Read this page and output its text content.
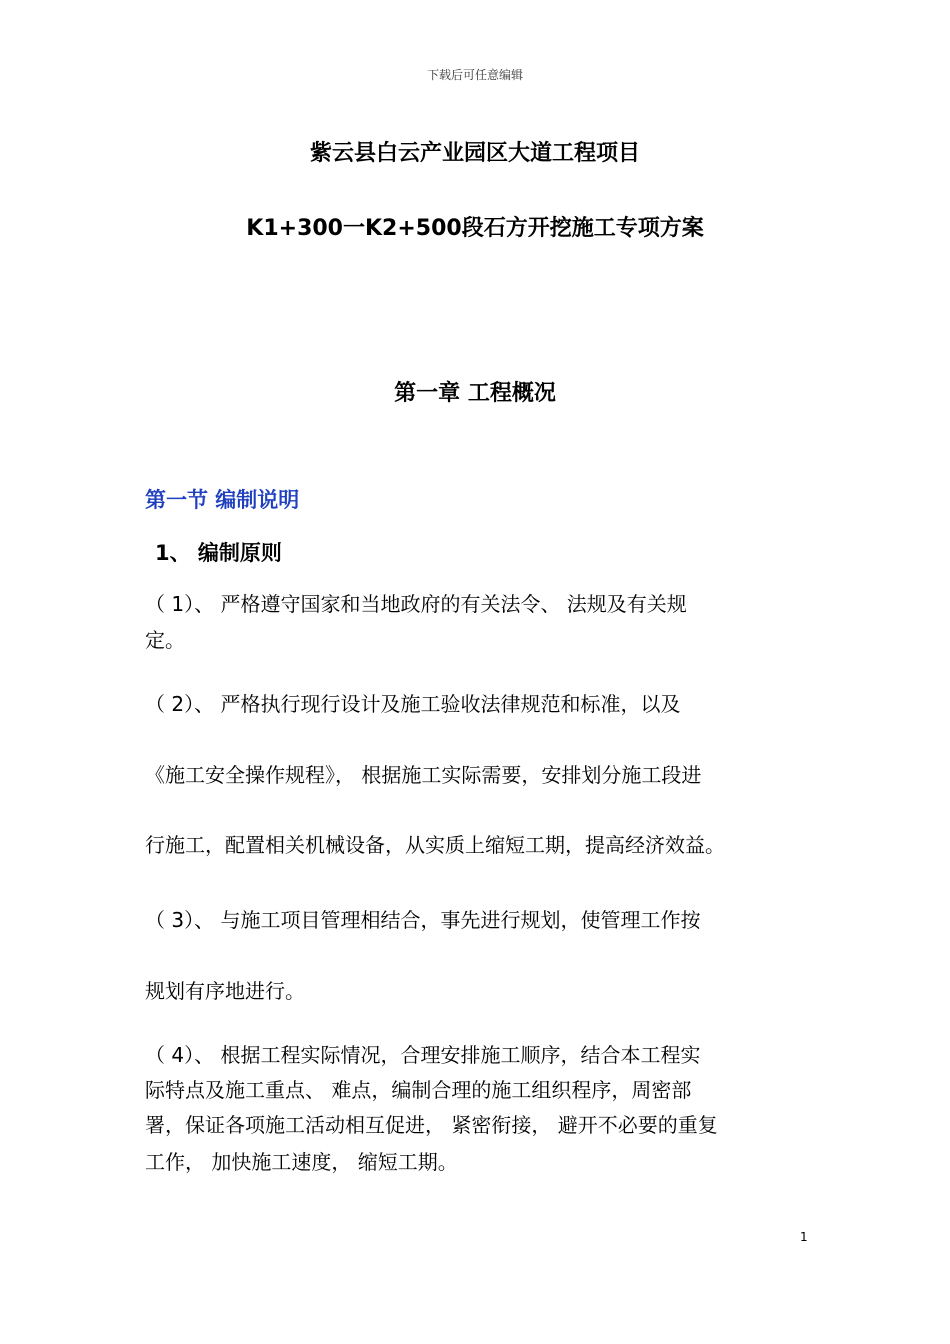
下载后可任意编辑
紫云县白云产业园区大道工程项目
K1+300一K2+500段石方开挖施工专项方案
第一章 工程概况
第一节 编制说明
1、 编制原则
（ 1）、 严格遵守国家和当地政府的有关法令、 法规及有关规
定。
（ 2）、 严格执行现行设计及施工验收法律规范和标准，以及
《施工安全操作规程》， 根据施工实际需要，安排划分施工段进
行施工，配置相关机械设备，从实质上缩短工期，提高经济效益。
（ 3）、 与施工项目管理相结合，事先进行规划，使管理工作按
规划有序地进行。
（ 4）、 根据工程实际情况，合理安排施工顺序，结合本工程实
际特点及施工重点、 难点，编制合理的施工组织程序，周密部
署，保证各项施工活动相互促进， 紧密衔接， 避开不必要的重复
工作， 加快施工速度， 缩短工期。
1
